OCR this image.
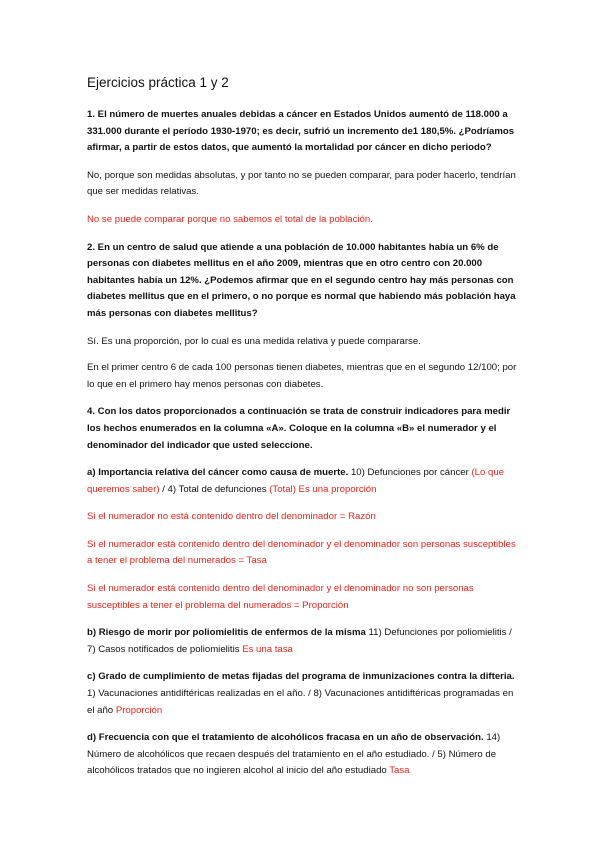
Ejercicios práctica 1 y 2

1. El número de muertes anuales debidas a cáncer en Estados Unidos aumentó de 118.000 a 331.000 durante el período 1930-1970; es decir, sufrió un incremento de1 180,5%. ¿Podríamos afirmar, a partir de estos datos, que aumentó la mortalidad por cáncer en dicho periodo?

No, porque son medidas absolutas, y por tanto no se pueden comparar, para poder hacerlo, tendrían que ser medidas relativas.

No se puede comparar porque no sabemos el total de la población.

2. En un centro de salud que atiende a una población de 10.000 habitantes había un 6% de personas con diabetes mellitus en el año 2009, mientras que en otro centro con 20.000 habitantes había un 12%. ¿Podemos afirmar que en el segundo centro hay más personas con diabetes mellitus que en el primero, o no porque es normal que habiendo más población haya más personas con diabetes mellitus?

Sí. Es una proporción, por lo cual es una medida relativa y puede compararse.

En el primer centro 6 de cada 100 personas tienen diabetes, mientras que en el segundo 12/100; por lo que en el primero hay menos personas con diabetes.

4. Con los datos proporcionados a continuación se trata de construir indicadores para medir los hechos enumerados en la columna «A». Coloque en la columna «B» el numerador y el denominador del indicador que usted seleccione.

a) Importancia relativa del cáncer como causa de muerte. 10) Defunciones por cáncer (Lo que queremos saber) / 4) Total de defunciones (Total) Es una proporción

Si el numerador no está contenido dentro del denominador = Razón

Si el numerador está contenido dentro del denominador y el denominador son personas susceptibles a tener el problema del numerados = Tasa

Si el numerador está contenido dentro del denominador y el denominador no son personas susceptibles a tener el problema del numerados = Proporción

b) Riesgo de morir por poliomielitis de enfermos de la misma 11) Defunciones por poliomielitis / 7) Casos notificados de poliomielitis Es una tasa

c) Grado de cumplimiento de metas fijadas del programa de inmunizaciones contra la difteria. 1) Vacunaciones antidiftéricas realizadas en el año. / 8) Vacunaciones antidiftéricas programadas en el año Proporción

d) Frecuencia con que el tratamiento de alcohólicos fracasa en un año de observación. 14) Número de alcohólicos que recaen después del tratamiento en el año estudiado. / 5) Número de alcohólicos tratados que no ingieren alcohol al inicio del año estudiado Tasa
